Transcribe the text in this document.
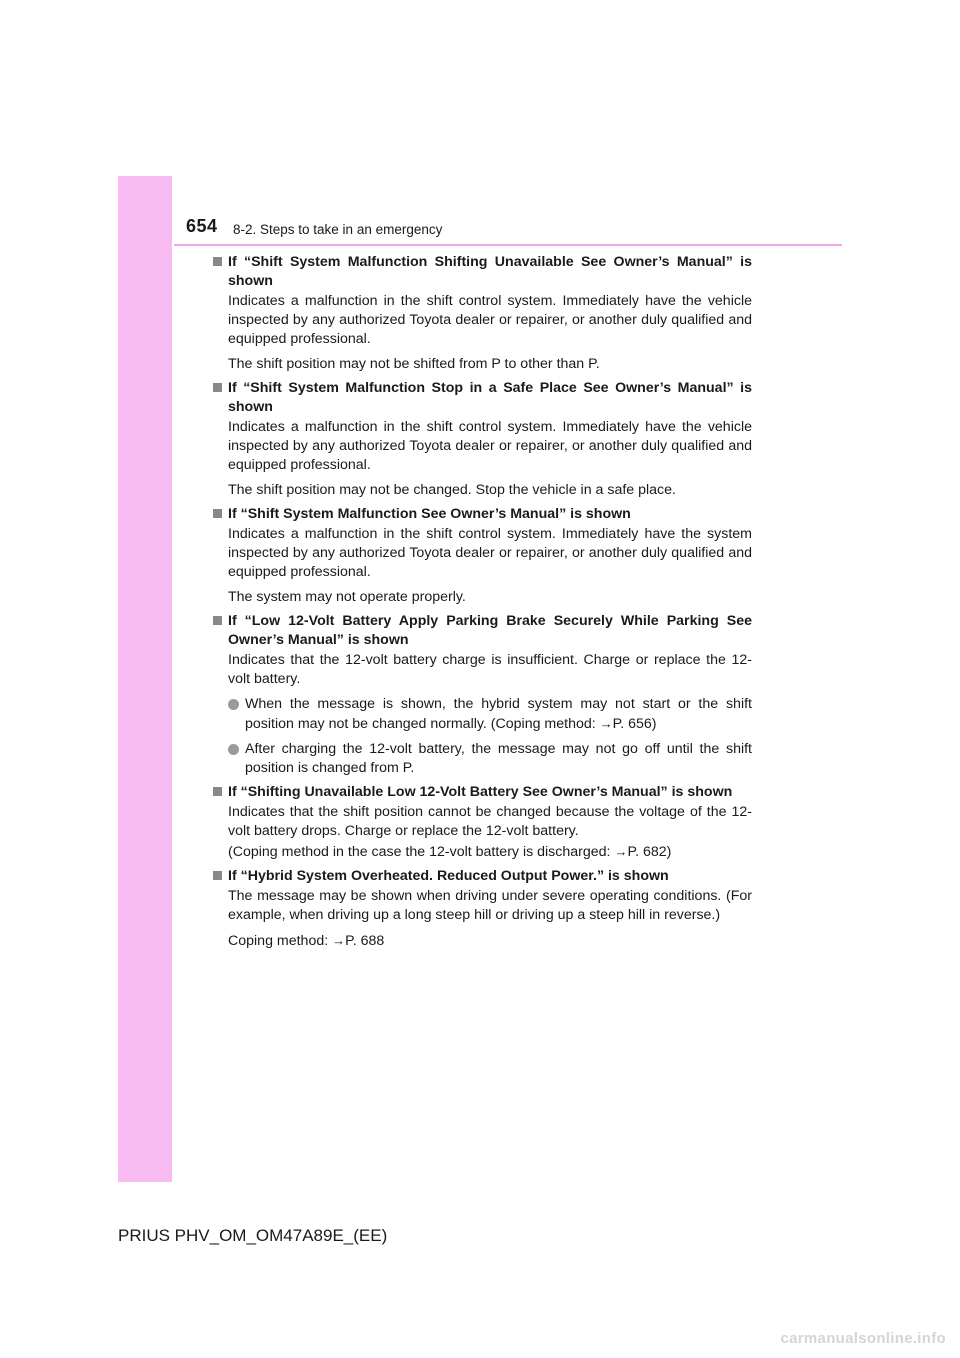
654 8-2. Steps to take in an emergency
If “Shift System Malfunction Shifting Unavailable See Owner’s Manual” is shown
Indicates a malfunction in the shift control system. Immediately have the vehicle inspected by any authorized Toyota dealer or repairer, or another duly qualified and equipped professional.
The shift position may not be shifted from P to other than P.
If “Shift System Malfunction Stop in a Safe Place See Owner’s Manual” is shown
Indicates a malfunction in the shift control system. Immediately have the vehicle inspected by any authorized Toyota dealer or repairer, or another duly qualified and equipped professional.
The shift position may not be changed. Stop the vehicle in a safe place.
If “Shift System Malfunction See Owner’s Manual” is shown
Indicates a malfunction in the shift control system. Immediately have the system inspected by any authorized Toyota dealer or repairer, or another duly qualified and equipped professional.
The system may not operate properly.
If “Low 12-Volt Battery Apply Parking Brake Securely While Parking See Owner’s Manual” is shown
Indicates that the 12-volt battery charge is insufficient. Charge or replace the 12-volt battery.
When the message is shown, the hybrid system may not start or the shift position may not be changed normally. (Coping method: →P. 656)
After charging the 12-volt battery, the message may not go off until the shift position is changed from P.
If “Shifting Unavailable Low 12-Volt Battery See Owner’s Manual” is shown
Indicates that the shift position cannot be changed because the voltage of the 12-volt battery drops. Charge or replace the 12-volt battery.
(Coping method in the case the 12-volt battery is discharged: →P. 682)
If “Hybrid System Overheated. Reduced Output Power.” is shown
The message may be shown when driving under severe operating conditions. (For example, when driving up a long steep hill or driving up a steep hill in reverse.)
Coping method: →P. 688
PRIUS PHV_OM_OM47A89E_(EE)
carmanualsonline.info
